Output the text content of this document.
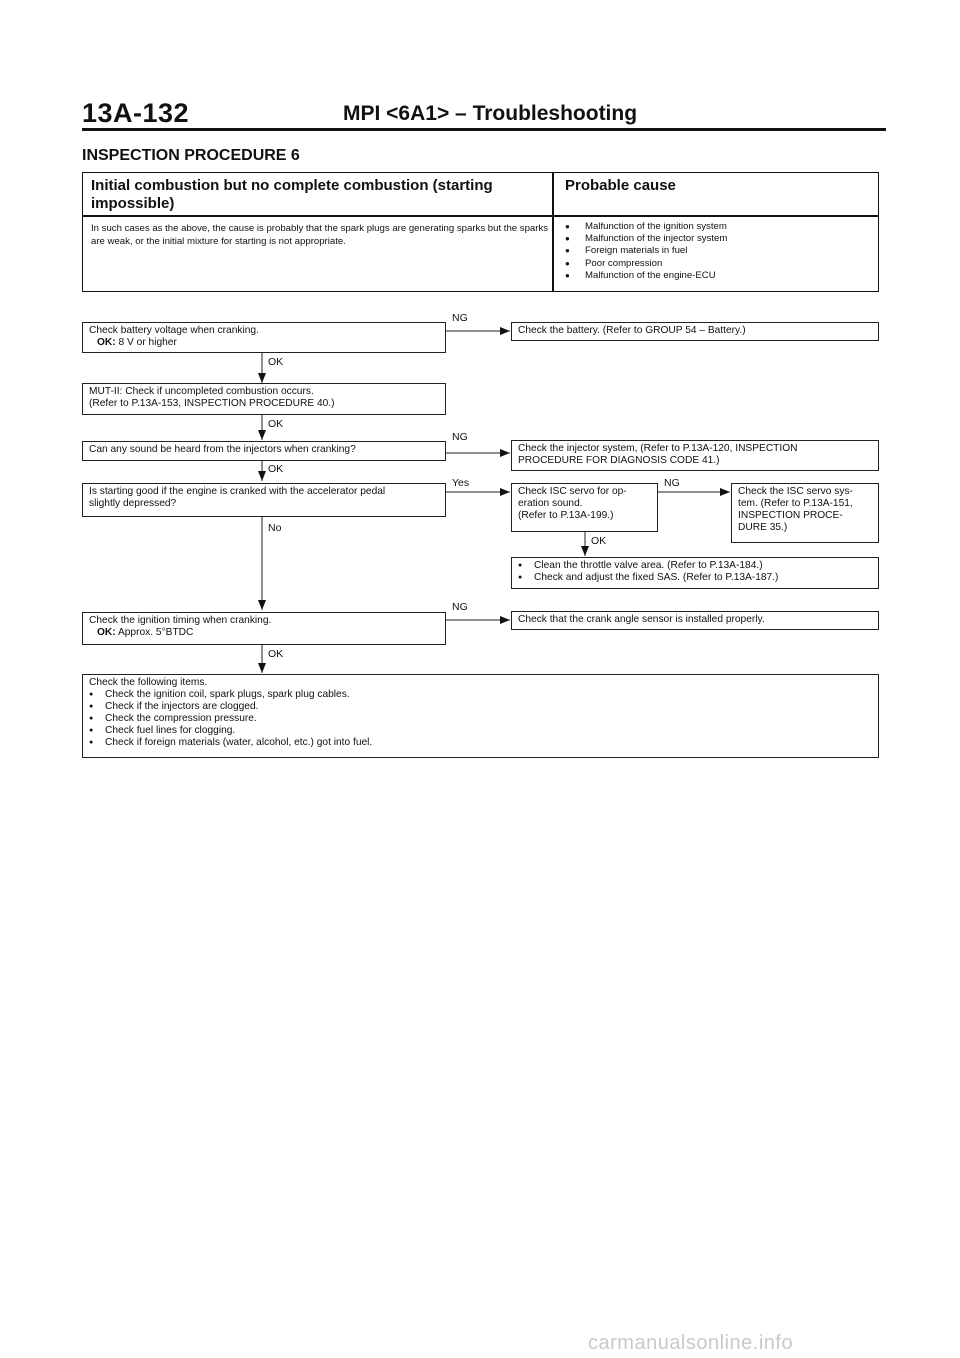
13A-132	MPI <6A1> – Troubleshooting
INSPECTION PROCEDURE 6
Initial combustion but no complete combustion (starting impossible)
Probable cause
In such cases as the above, the cause is probably that the spark plugs are generating sparks but the sparks are weak, or the initial mixture for starting is not appropriate.
● Malfunction of the ignition system
● Malfunction of the injector system
● Foreign materials in fuel
● Poor compression
● Malfunction of the engine-ECU
Check battery voltage when cranking.
OK: 8 V or higher
NG
Check the battery. (Refer to GROUP 54 – Battery.)
OK
MUT-II: Check if uncompleted combustion occurs.
(Refer to P.13A-153, INSPECTION PROCEDURE 40.)
OK
Can any sound be heard from the injectors when cranking?
NG
Check the injector system, (Refer to P.13A-120, INSPECTION
PROCEDURE FOR DIAGNOSIS CODE 41.)
OK
Is starting good if the engine is cranked with the accelerator pedal
slightly depressed?
Yes
No
Check ISC servo for op-
eration sound.
(Refer to P.13A-199.)
NG
Check the ISC servo sys-
tem. (Refer to P.13A-151,
INSPECTION PROCE-
DURE 35.)
OK
● Clean the throttle valve area. (Refer to P.13A-184.)
● Check and adjust the fixed SAS. (Refer to P.13A-187.)
Check the ignition timing when cranking.
OK: Approx. 5°BTDC
NG
Check that the crank angle sensor is installed properly.
OK
Check the following items.
● Check the ignition coil, spark plugs, spark plug cables.
● Check if the injectors are clogged.
● Check the compression pressure.
● Check fuel lines for clogging.
● Check if foreign materials (water, alcohol, etc.) got into fuel.
carmanualsonline.info
